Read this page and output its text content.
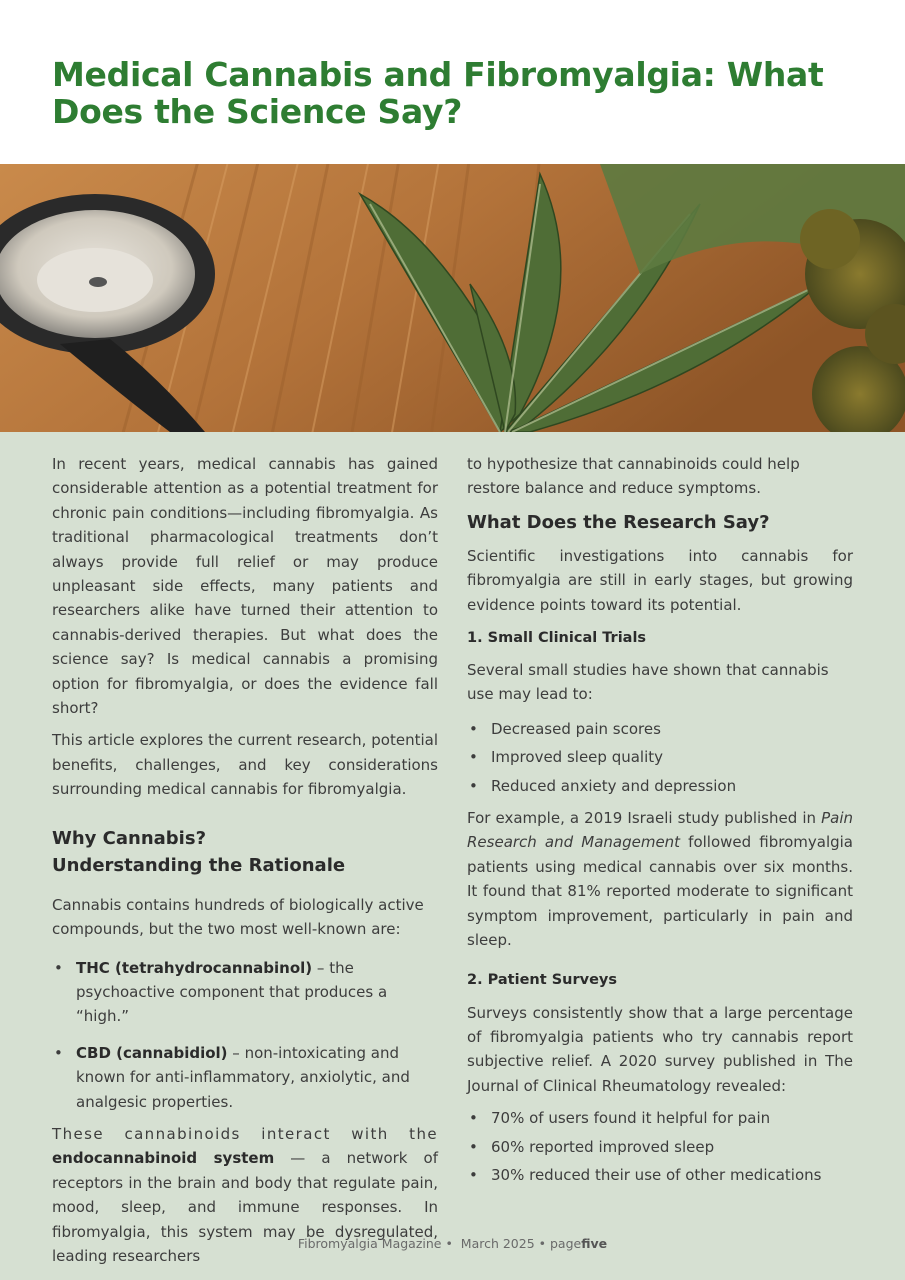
Medical Cannabis and Fibromyalgia: What
Does the Science Say?

In recent years, medical cannabis has gained considerable attention as a potential treatment for chronic pain conditions—including fibromyalgia. As traditional pharmacological treatments don’t always provide full relief or may produce unpleasant side effects, many patients and researchers alike have turned their attention to cannabis-derived therapies. But what does the science say? Is medical cannabis a promising option for fibromyalgia, or does the evidence fall short?

This article explores the current research, potential benefits, challenges, and key considerations surrounding medical cannabis for fibromyalgia.

Why Cannabis?
Understanding the Rationale

Cannabis contains hundreds of biologically active compounds, but the two most well-known are:

• THC (tetrahydrocannabinol) – the psychoactive component that produces a “high.”
• CBD (cannabidiol) – non-intoxicating and known for anti-inflammatory, anxiolytic, and analgesic properties.

These cannabinoids interact with the

endocannabinoid system — a network of receptors in the brain and body that regulate pain, mood, sleep, and immune responses. In fibromyalgia, this system may be dysregulated, leading researchers

to hypothesize that cannabinoids could help restore balance and reduce symptoms.

What Does the Research Say?

Scientific investigations into cannabis for fibromyalgia are still in early stages, but growing evidence points toward its potential.

1. Small Clinical Trials

Several small studies have shown that cannabis use may lead to:

• Decreased pain scores
• Improved sleep quality
• Reduced anxiety and depression

For example, a 2019 Israeli study published in Pain Research and Management followed fibromyalgia patients using medical cannabis over six months. It found that 81% reported moderate to significant symptom improvement, particularly in pain and sleep.

2. Patient Surveys

Surveys consistently show that a large percentage of fibromyalgia patients who try cannabis report subjective relief. A 2020 survey published in The Journal of Clinical Rheumatology revealed:

• 70% of users found it helpful for pain
• 60% reported improved sleep
• 30% reduced their use of other medications
Fibromyalgia Magazine •  March 2025 • pagefive
